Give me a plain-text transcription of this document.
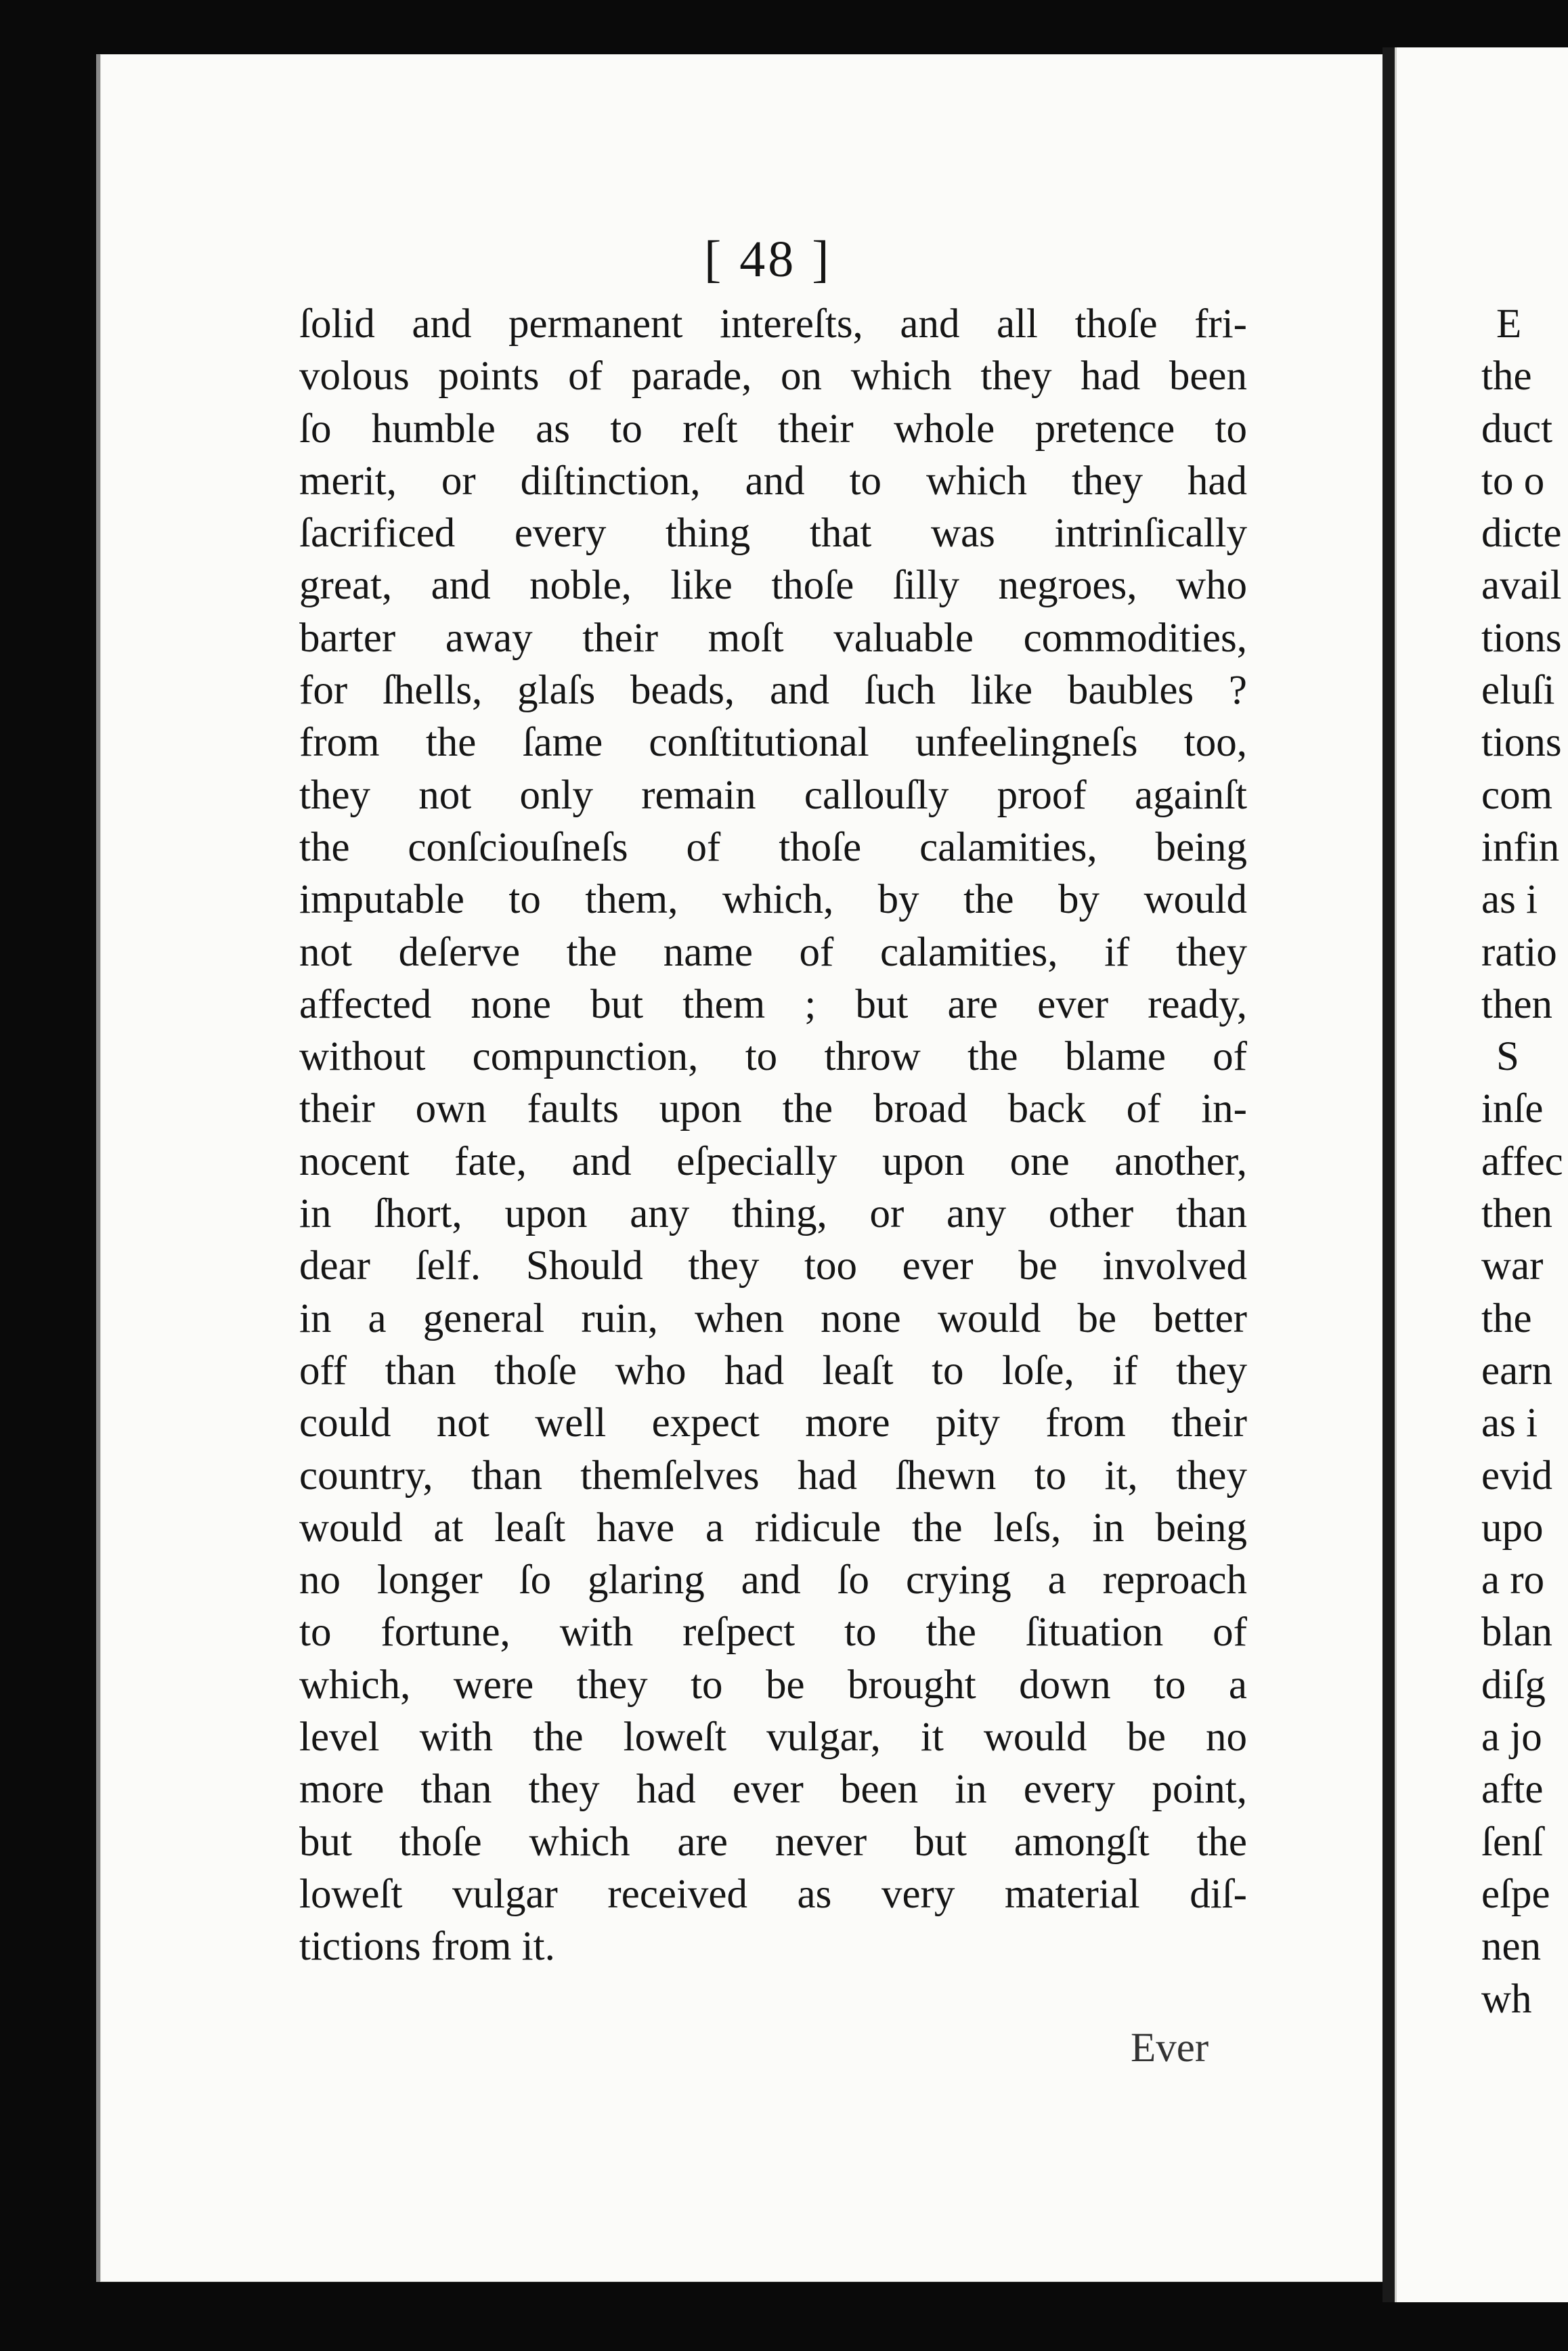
[ 48 ]
ſolid and permanent intereſts, and all thoſe fri-
volous points of parade, on which they had been
ſo humble as to reſt their whole pretence to
merit, or diſtinction, and to which they had
ſacrificed every thing that was intrinſically
great, and noble, like thoſe ſilly negroes, who
barter away their moſt valuable commodities,
for ſhells, glaſs beads, and ſuch like baubles ?
from the ſame conſtitutional unfeelingneſs too,
they not only remain callouſly proof againſt
the conſciouſneſs of thoſe calamities, being
imputable to them, which, by the by would
not deſerve the name of calamities, if they
affected none but them ; but are ever ready,
without compunction, to throw the blame of
their own faults upon the broad back of in-
nocent fate, and eſpecially upon one another,
in ſhort, upon any thing, or any other than
dear ſelf. Should they too ever be involved
in a general ruin, when none would be better
off than thoſe who had leaſt to loſe, if they
could not well expect more pity from their
country, than themſelves had ſhewn to it, they
would at leaſt have a ridicule the leſs, in being
no longer ſo glaring and ſo crying a reproach
to fortune, with reſpect to the ſituation of
which, were they to be brought down to a
level with the loweſt vulgar, it would be no
more than they had ever been in every point,
but thoſe which are never but amongſt the
loweſt vulgar received as very material diſ-
tictions from it.
Ever
E
the
duct
to o
dicte
avail
tions
eluſi
tions
com
infin
as i
ratio
then
S
inſe
affec
then
war
the
earn
as i
evid
upo
a ro
blan
diſg
a jo
afte
ſenſ
eſpe
nen
wh
